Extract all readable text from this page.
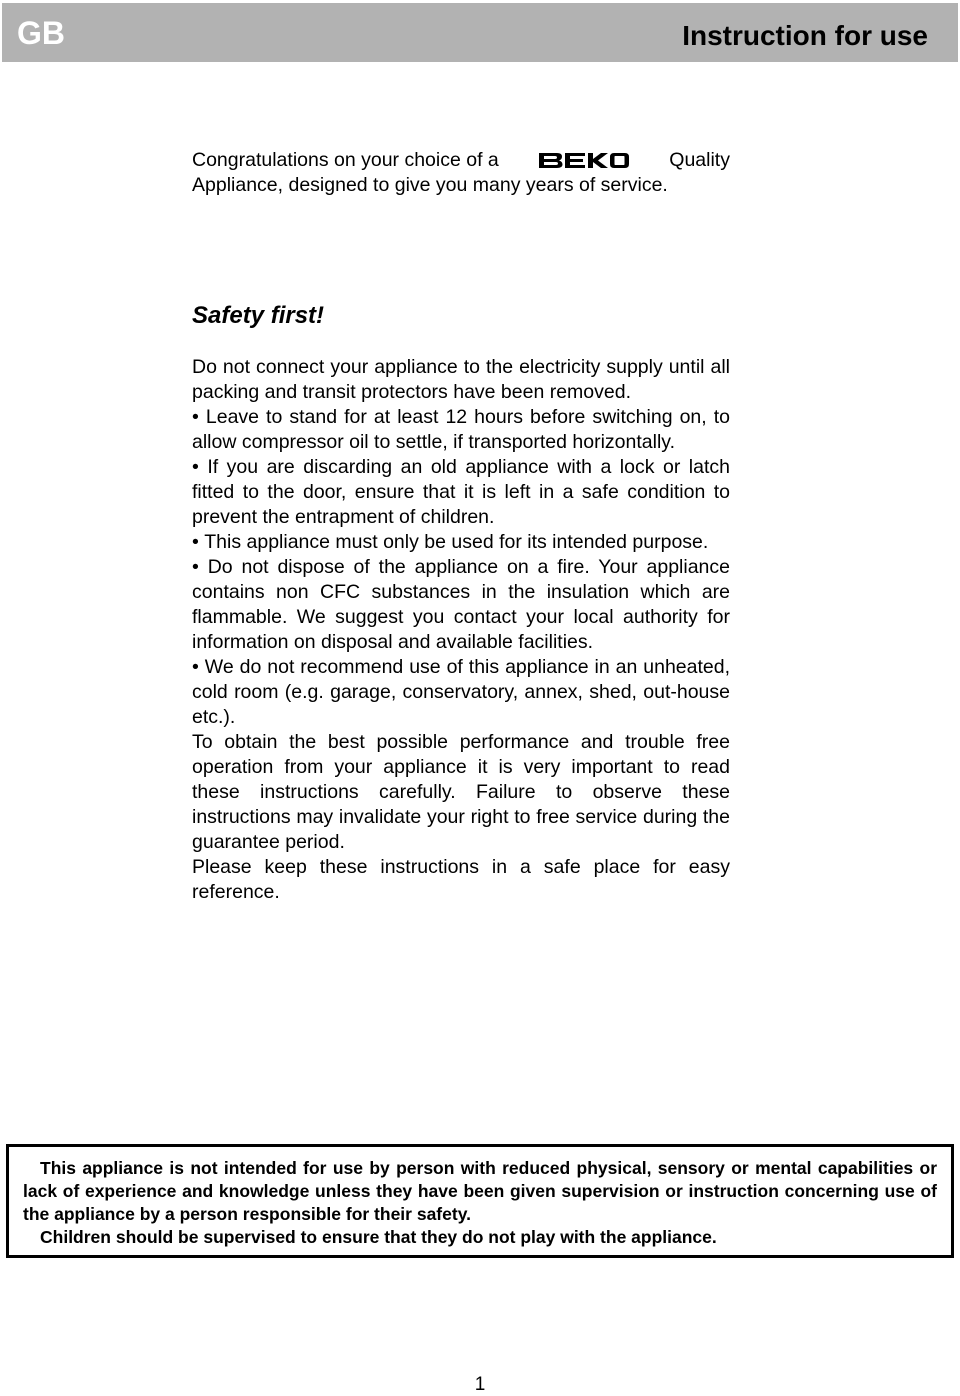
GB	Instruction for use
Congratulations on your choice of a	Quality
Appliance, designed to give you many years of service.
Safety first!

Do not connect your appliance to the electricity supply until all packing and transit protectors have been removed.

• Leave to stand for at least 12 hours before switching on, to allow compressor oil to settle, if transported horizontally.

• If you are discarding an old appliance with a lock or latch fitted to the door, ensure that it is left in a safe condition to prevent the entrapment of children.

• This appliance must only be used for its intended purpose.

• Do not dispose of the appliance on a fire. Your appliance contains non CFC substances in the insulation which are flammable. We suggest you contact your local authority for information on disposal and available facilities.

• We do not recommend use of this appliance in an unheated, cold room (e.g. garage, conservatory, annex, shed, out-house etc.).

To obtain the best possible performance and trouble free operation from your appliance it is very important to read these instructions carefully. Failure to observe these instructions may invalidate your right to free service during the guarantee period.

Please keep these instructions in a safe place for easy reference.

This appliance is not intended for use by person with reduced physical, sensory or mental capabilities or lack of experience and knowledge unless they have been given supervision or instruction concerning use of the appliance by a person responsible for their safety.

Children should be supervised to ensure that they do not play with the appliance.

1
